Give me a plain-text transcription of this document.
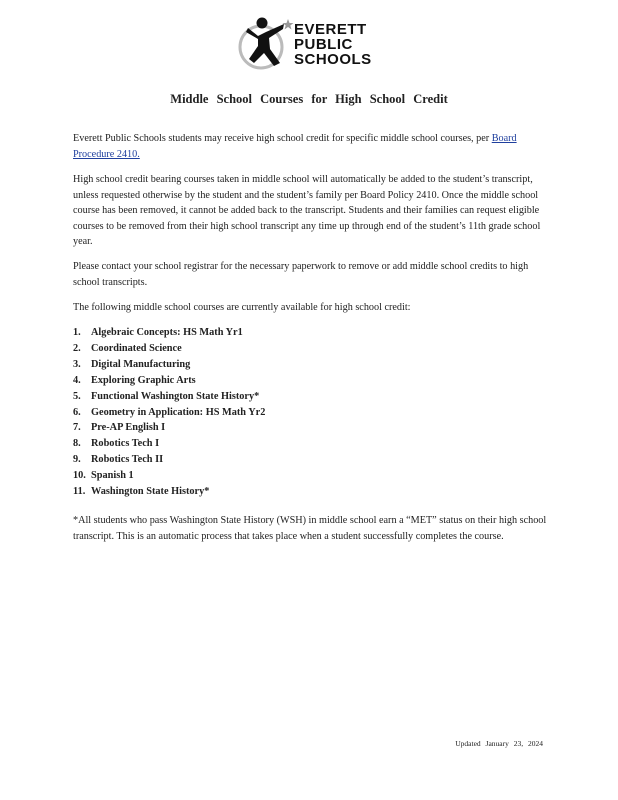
EVERETT
PUBLIC
SCHOOLS
Middle School Courses for High School Credit
Everett Public Schools students may receive high school credit for specific middle school courses, per Board Procedure 2410.
High school credit bearing courses taken in middle school will automatically be added to the student’s transcript, unless requested otherwise by the student and the student’s family per Board Policy 2410. Once the middle school course has been removed, it cannot be added back to the transcript. Students and their families can request eligible courses to be removed from their high school transcript any time up through end of the student’s 11th grade school year.
Please contact your school registrar for the necessary paperwork to remove or add middle school credits to high school transcripts.
The following middle school courses are currently available for high school credit:
1. Algebraic Concepts: HS Math Yr1
2. Coordinated Science
3. Digital Manufacturing
4. Exploring Graphic Arts
5. Functional Washington State History*
6. Geometry in Application: HS Math Yr2
7. Pre-AP English I
8. Robotics Tech I
9. Robotics Tech II
10. Spanish 1
11. Washington State History*
*All students who pass Washington State History (WSH) in middle school earn a “MET” status on their high school transcript. This is an automatic process that takes place when a student successfully completes the course.
Updated January 23, 2024
